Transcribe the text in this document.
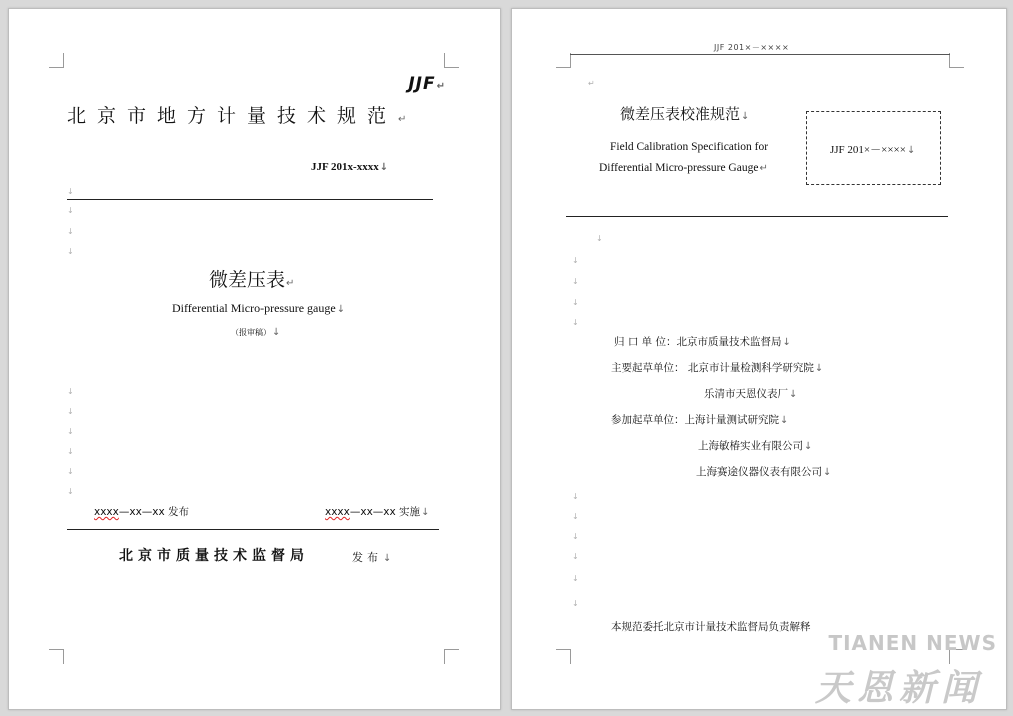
JJF↵
北京市地方计量技术规范↵
JJF 201x-xxxx↓
↓
↓
↓
↓
微差压表↵
Differential Micro-pressure gauge↓
（报审稿）↓
↓
↓
↓
↓
↓
↓
xxxx—xx—xx 发布	xxxx—xx—xx 实施↓
北京市质量技术监督局	发布↓
JJF 201×－××××
↵
微差压表校准规范↓
Field Calibration Specification for
Differential Micro-pressure Gauge↵
JJF 201×－××××↓
↓
↓
↓
↓
↓
归 口 单 位：北京市质量技术监督局↓
主要起草单位： 北京市计量检测科学研究院↓
乐清市天恩仪表厂↓
参加起草单位：上海计量测试研究院↓
上海敏椿实业有限公司↓
上海赛途仪器仪表有限公司↓
↓
↓
↓
↓
↓
↓
本规范委托北京市计量技术监督局负责解释
TIANEN NEWS
天恩新闻
